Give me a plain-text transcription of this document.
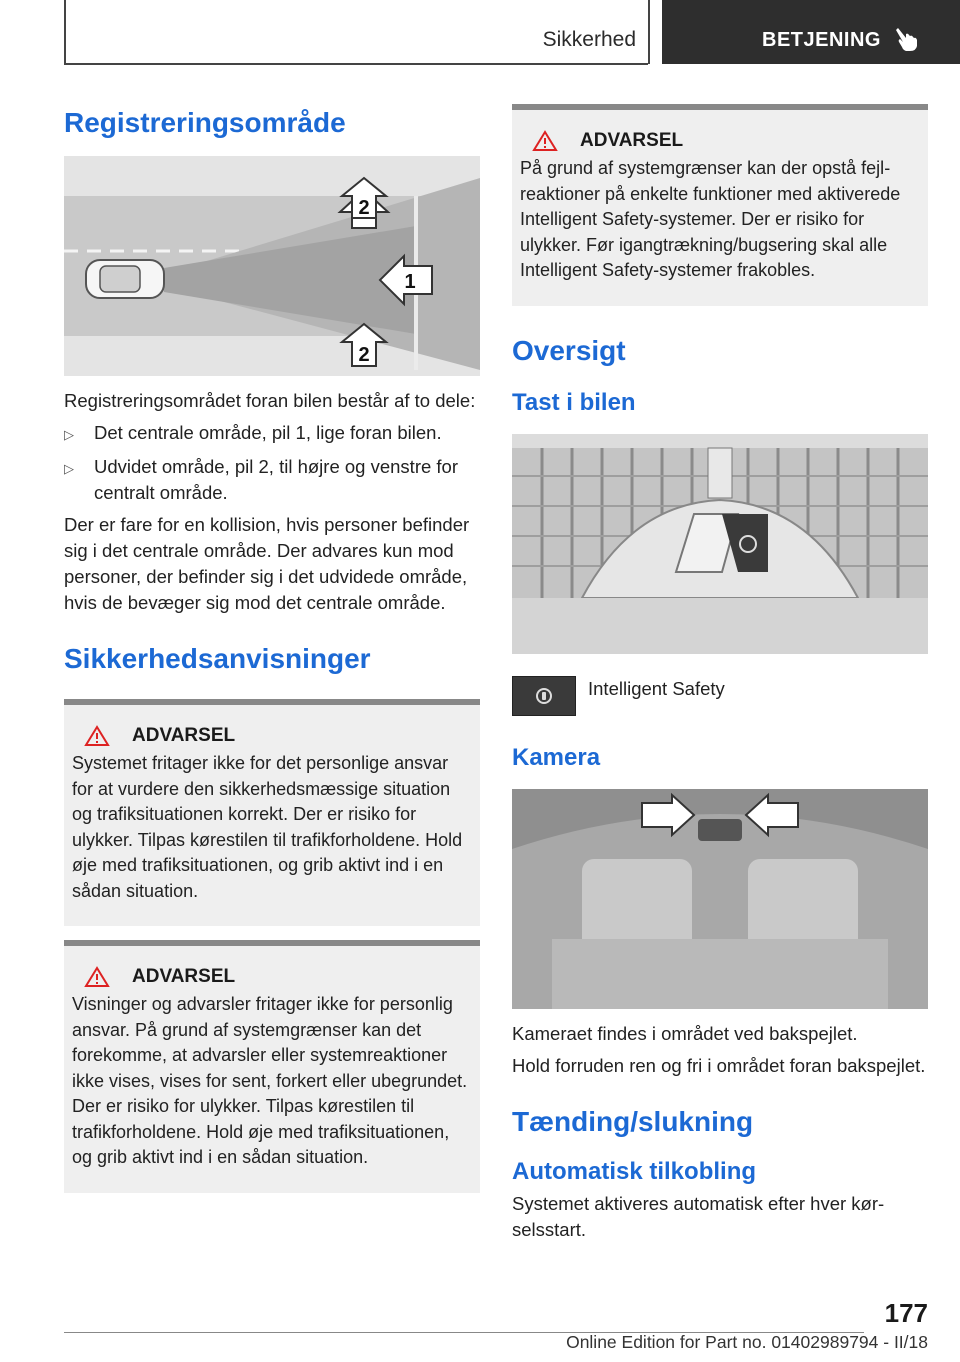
Sikkerhed	BETJENING
Registreringsområde
2
1
2

Registreringsområdet foran bilen består af to dele:

▷	Det centrale område, pil 1, lige foran bilen.
▷	Udvidet område, pil 2, til højre og venstre for centralt område.

Der er fare for en kollision, hvis personer befinder sig i det centrale område. Der advares kun mod personer, der befinder sig i det udvidede område, hvis de bevæger sig mod det centrale område.

Sikkerhedsanvisninger
ADVARSEL

Systemet fritager ikke for det personlige ansvar for at vurdere den sikkerhedsmæssige situation og trafiksituationen korrekt. Der er risiko for ulykker. Tilpas kørestilen til trafikforholdene. Hold øje med trafiksituationen, og grib aktivt ind i en sådan situation.

ADVARSEL

Visninger og advarsler fritager ikke for personlig ansvar. På grund af systemgrænser kan det forekomme, at advarsler eller systemreaktioner ikke vises, vises for sent, forkert eller ubegrundet. Der er risiko for ulykker. Tilpas kørestilen til trafikforholdene. Hold øje med trafiksituationen, og grib aktivt ind i en sådan situation.

ADVARSEL

På grund af systemgrænser kan der opstå fejlreaktioner på enkelte funktioner med aktiverede Intelligent Safety-systemer. Der er risiko for ulykker. Før igangtrækning/bugsering skal alle Intelligent Safety-systemer frakobles.

Oversigt
Tast i bilen

Intelligent Safety

Kamera

Kameraet findes i området ved bakspejlet.

Hold forruden ren og fri i området foran bakspejlet.

Tænding/slukning
Automatisk tilkobling

Systemet aktiveres automatisk efter hver kørselsstart.

177
Online Edition for Part no. 01402989794 - II/18
